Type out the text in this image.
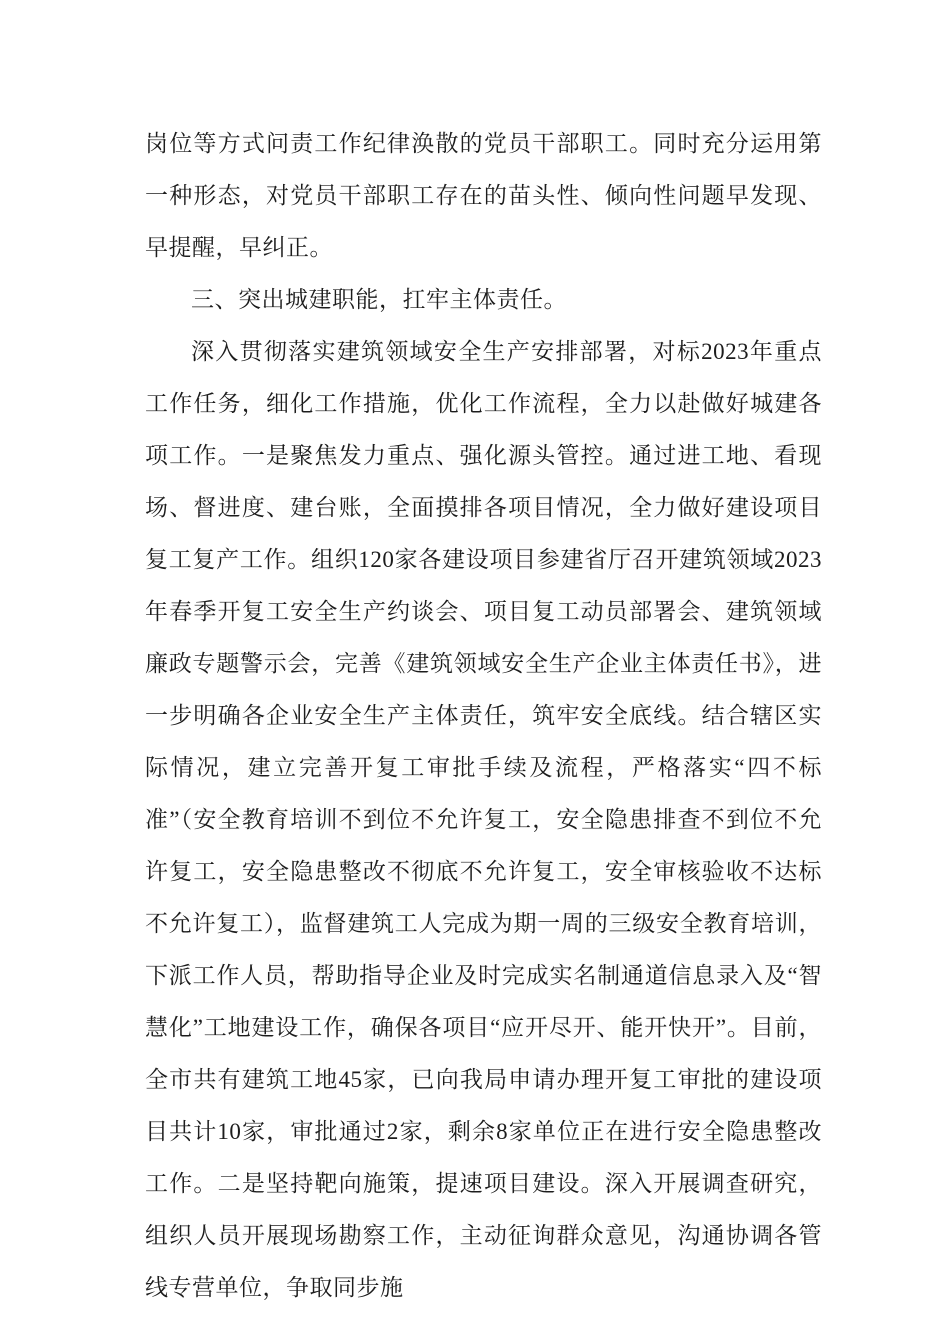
岗位等方式问责工作纪律涣散的党员干部职工。同时充分运用第一种形态，对党员干部职工存在的苗头性、倾向性问题早发现、早提醒，早纠正。

三、突出城建职能，扛牢主体责任。

深入贯彻落实建筑领域安全生产安排部署，对标2023年重点工作任务，细化工作措施，优化工作流程，全力以赴做好城建各项工作。一是聚焦发力重点、强化源头管控。通过进工地、看现场、督进度、建台账，全面摸排各项目情况，全力做好建设项目复工复产工作。组织120家各建设项目参建省厅召开建筑领域2023年春季开复工安全生产约谈会、项目复工动员部署会、建筑领域廉政专题警示会，完善《建筑领域安全生产企业主体责任书》，进一步明确各企业安全生产主体责任，筑牢安全底线。结合辖区实际情况，建立完善开复工审批手续及流程，严格落实“四不标准”（安全教育培训不到位不允许复工，安全隐患排查不到位不允许复工，安全隐患整改不彻底不允许复工，安全审核验收不达标不允许复工），监督建筑工人完成为期一周的三级安全教育培训，下派工作人员，帮助指导企业及时完成实名制通道信息录入及“智慧化”工地建设工作，确保各项目“应开尽开、能开快开”。目前，全市共有建筑工地45家，已向我局申请办理开复工审批的建设项目共计10家，审批通过2家，剩余8家单位正在进行安全隐患整改工作。二是坚持靶向施策，提速项目建设。深入开展调查研究，组织人员开展现场勘察工作，主动征询群众意见，沟通协调各管线专营单位，争取同步施
